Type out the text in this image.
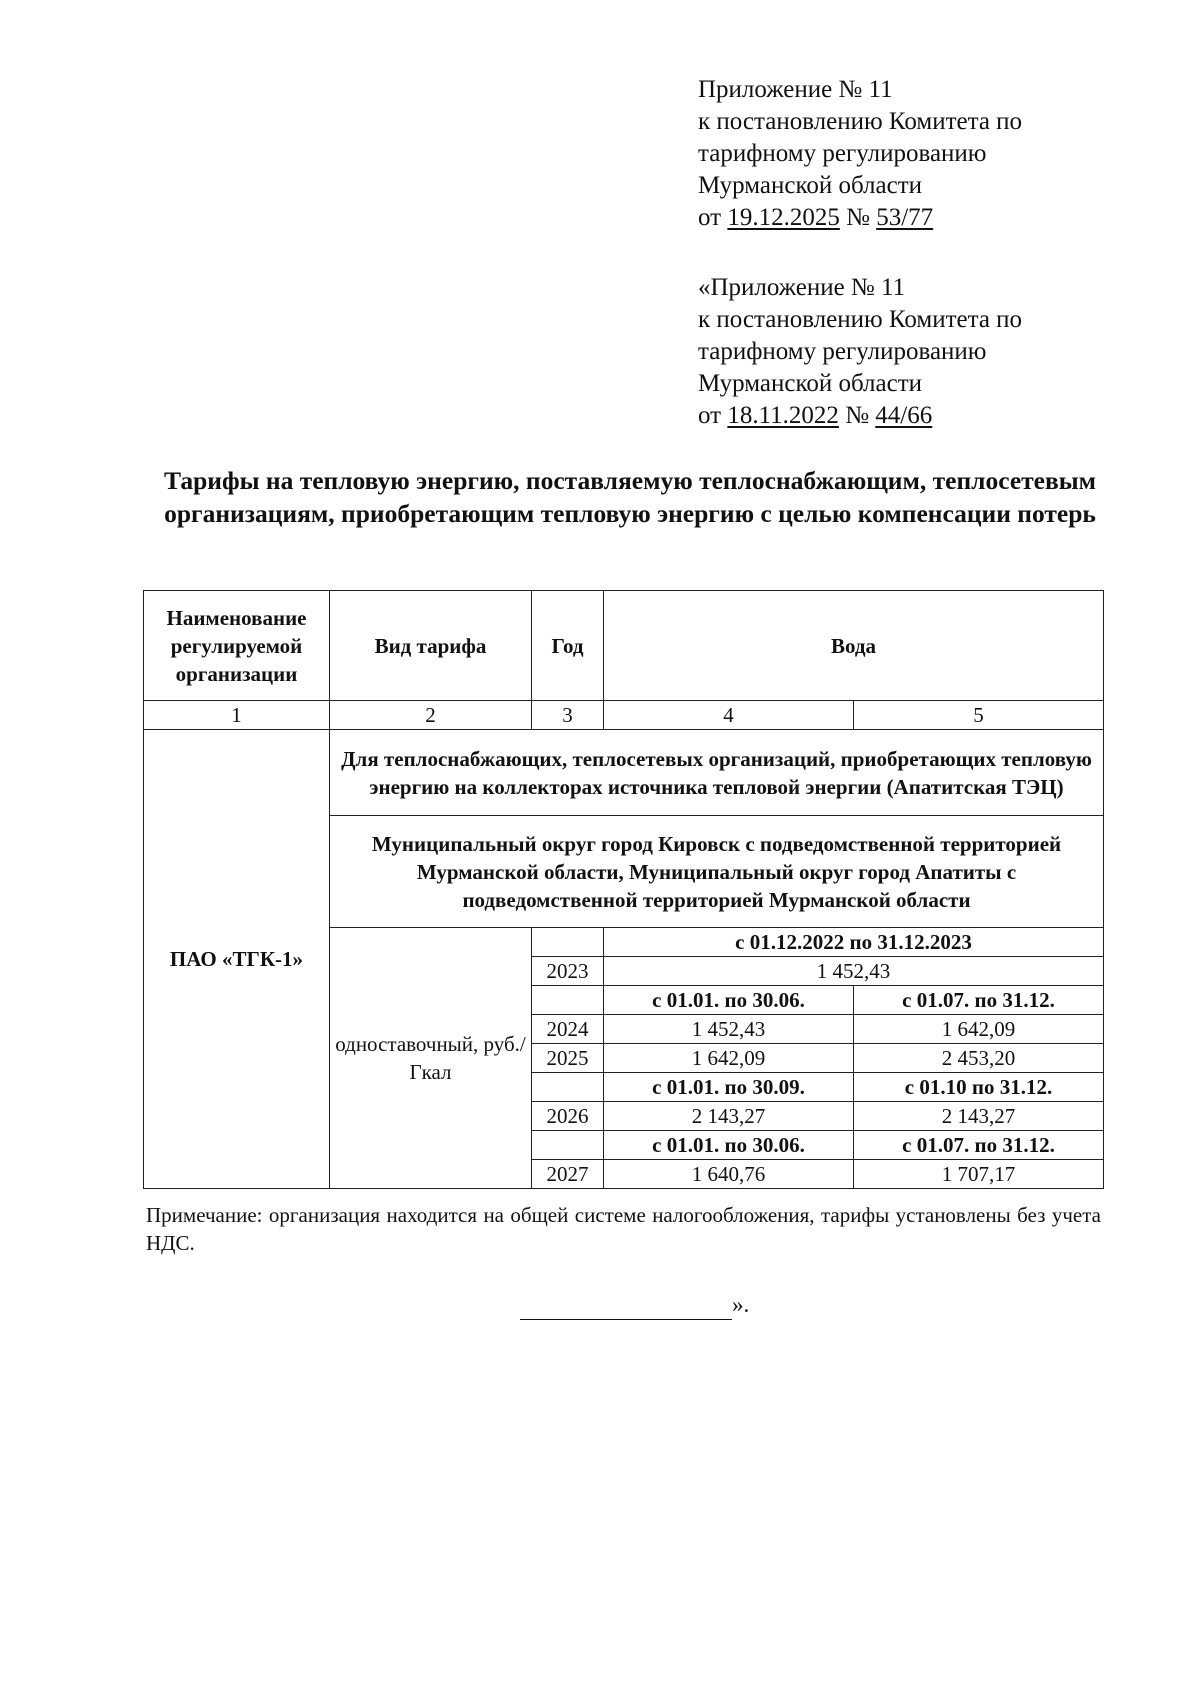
Приложение № 11
к постановлению Комитета по
тарифному регулированию
Мурманской области
от 19.12.2025 № 53/77
«Приложение № 11
к постановлению Комитета по
тарифному регулированию
Мурманской области
от 18.11.2022 № 44/66
Тарифы на тепловую энергию, поставляемую теплоснабжающим, теплосетевым организациям, приобретающим тепловую энергию с целью компенсации потерь
Наименование регулируемой организации	Вид тарифа	Год	Вода	
1	2	3	4	5
ПАО «ТГК-1»	Для теплоснабжающих, теплосетевых организаций, приобретающих тепловую энергию на коллекторах источника тепловой энергии (Апатитская ТЭЦ)			
	Муниципальный округ город Кировск с подведомственной территорией Мурманской области, Муниципальный округ город Апатиты с подведомственной территорией Мурманской области			
	одноставочный, руб./Гкал		с 01.12.2022 по 31.12.2023	
		2023	1 452,43	
			с 01.01. по 30.06.	с 01.07. по 31.12.
		2024	1 452,43	1 642,09
		2025	1 642,09	2 453,20
			с 01.01. по 30.09.	с 01.10 по 31.12.
		2026	2 143,27	2 143,27
			с 01.01. по 30.06.	с 01.07. по 31.12.
		2027	1 640,76	1 707,17
Примечание: организация находится на общей системе налогообложения, тарифы установлены без учета НДС.
».
